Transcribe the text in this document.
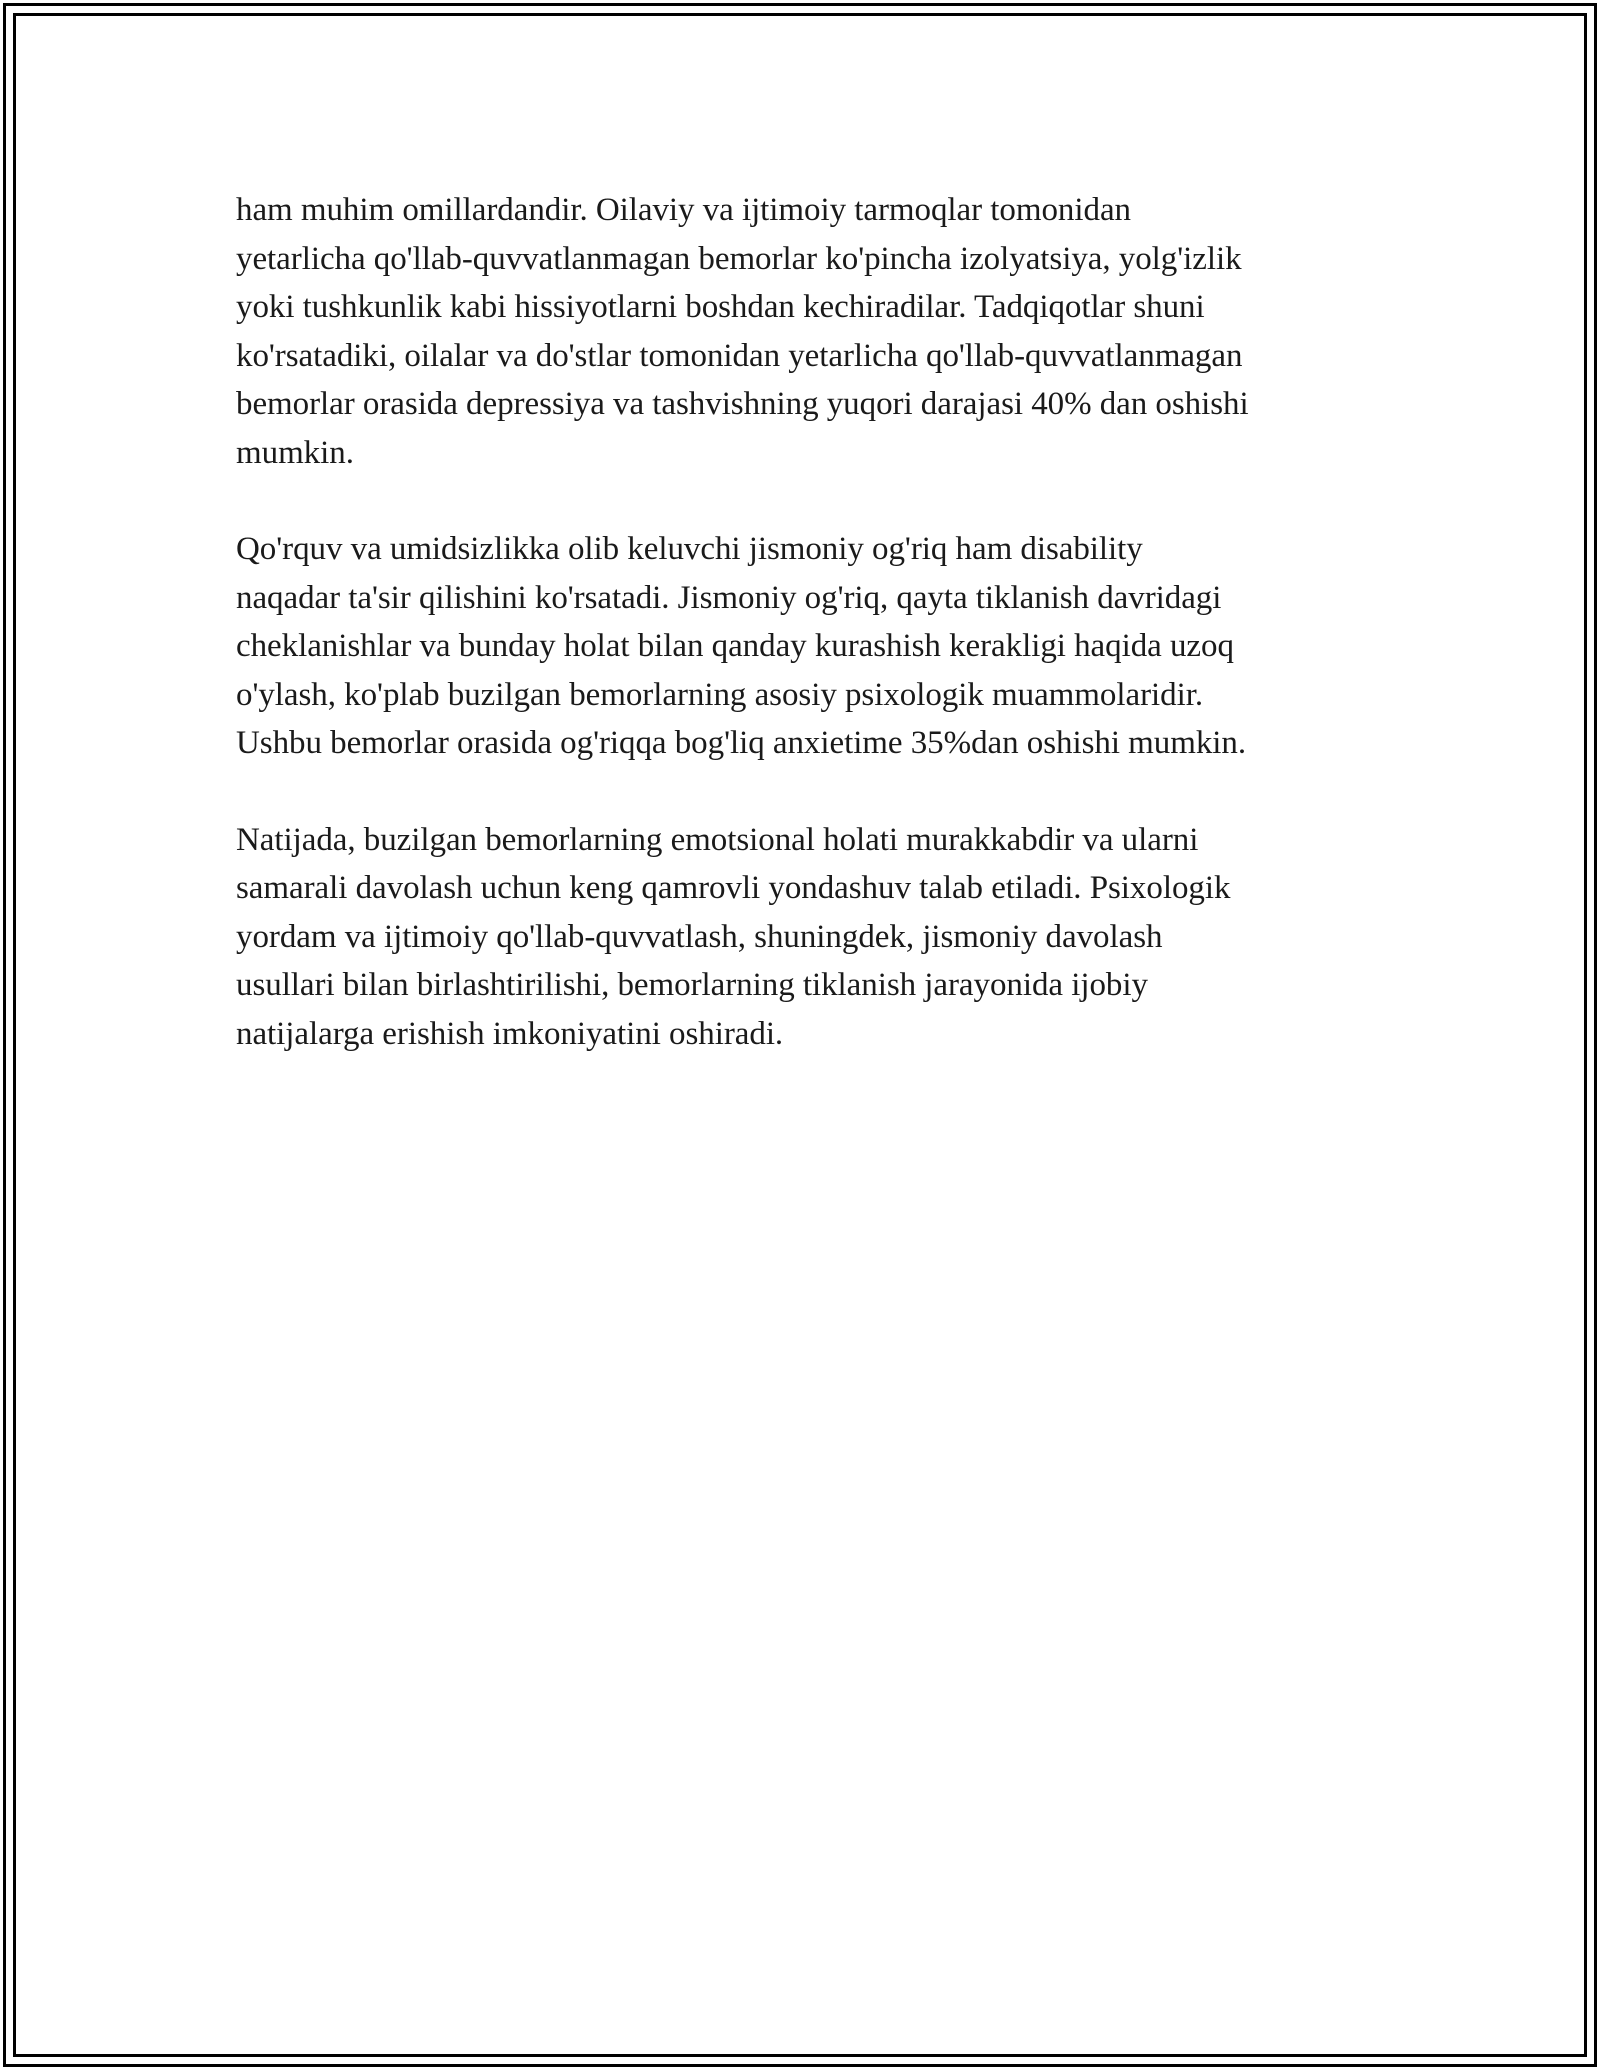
ham muhim omillardandir. Oilaviy va ijtimoiy tarmoqlar tomonidan
yetarlicha qo'llab-quvvatlanmagan bemorlar ko'pincha izolyatsiya, yolg'izlik
yoki tushkunlik kabi hissiyotlarni boshdan kechiradilar. Tadqiqotlar shuni
ko'rsatadiki, oilalar va do'stlar tomonidan yetarlicha qo'llab-quvvatlanmagan
bemorlar orasida depressiya va tashvishning yuqori darajasi 40% dan oshishi
mumkin.

Qo'rquv va umidsizlikka olib keluvchi jismoniy og'riq ham disability
naqadar ta'sir qilishini ko'rsatadi. Jismoniy og'riq, qayta tiklanish davridagi
cheklanishlar va bunday holat bilan qanday kurashish kerakligi haqida uzoq
o'ylash, ko'plab buzilgan bemorlarning asosiy psixologik muammolaridir.
Ushbu bemorlar orasida og'riqqa bog'liq anxietime 35%dan oshishi mumkin.

Natijada, buzilgan bemorlarning emotsional holati murakkabdir va ularni
samarali davolash uchun keng qamrovli yondashuv talab etiladi. Psixologik
yordam va ijtimoiy qo'llab-quvvatlash, shuningdek, jismoniy davolash
usullari bilan birlashtirilishi, bemorlarning tiklanish jarayonida ijobiy
natijalarga erishish imkoniyatini oshiradi.
